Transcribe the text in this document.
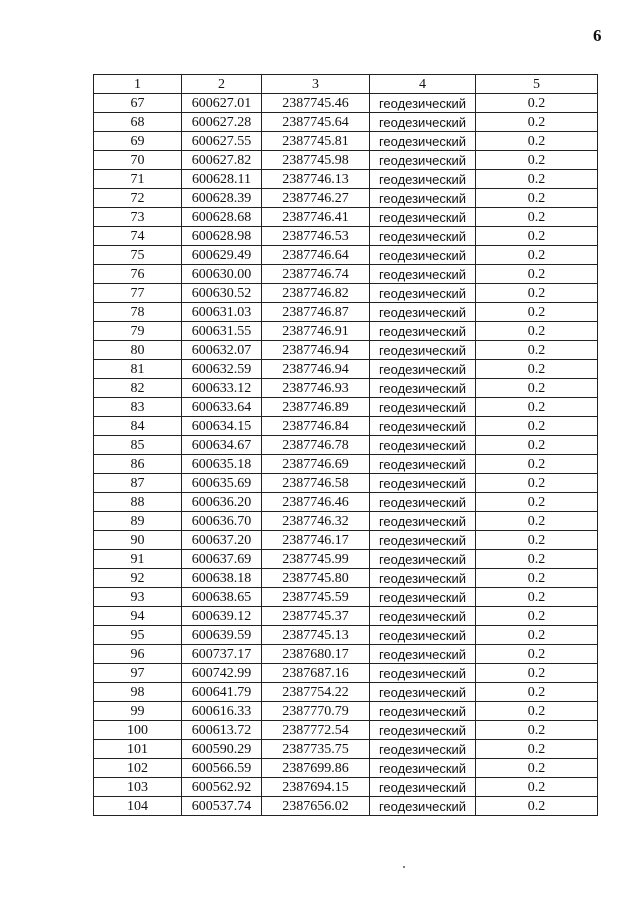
6
1	2	3	4	5
67	600627.01	2387745.46	геодезический	0.2
68	600627.28	2387745.64	геодезический	0.2
69	600627.55	2387745.81	геодезический	0.2
70	600627.82	2387745.98	геодезический	0.2
71	600628.11	2387746.13	геодезический	0.2
72	600628.39	2387746.27	геодезический	0.2
73	600628.68	2387746.41	геодезический	0.2
74	600628.98	2387746.53	геодезический	0.2
75	600629.49	2387746.64	геодезический	0.2
76	600630.00	2387746.74	геодезический	0.2
77	600630.52	2387746.82	геодезический	0.2
78	600631.03	2387746.87	геодезический	0.2
79	600631.55	2387746.91	геодезический	0.2
80	600632.07	2387746.94	геодезический	0.2
81	600632.59	2387746.94	геодезический	0.2
82	600633.12	2387746.93	геодезический	0.2
83	600633.64	2387746.89	геодезический	0.2
84	600634.15	2387746.84	геодезический	0.2
85	600634.67	2387746.78	геодезический	0.2
86	600635.18	2387746.69	геодезический	0.2
87	600635.69	2387746.58	геодезический	0.2
88	600636.20	2387746.46	геодезический	0.2
89	600636.70	2387746.32	геодезический	0.2
90	600637.20	2387746.17	геодезический	0.2
91	600637.69	2387745.99	геодезический	0.2
92	600638.18	2387745.80	геодезический	0.2
93	600638.65	2387745.59	геодезический	0.2
94	600639.12	2387745.37	геодезический	0.2
95	600639.59	2387745.13	геодезический	0.2
96	600737.17	2387680.17	геодезический	0.2
97	600742.99	2387687.16	геодезический	0.2
98	600641.79	2387754.22	геодезический	0.2
99	600616.33	2387770.79	геодезический	0.2
100	600613.72	2387772.54	геодезический	0.2
101	600590.29	2387735.75	геодезический	0.2
102	600566.59	2387699.86	геодезический	0.2
103	600562.92	2387694.15	геодезический	0.2
104	600537.74	2387656.02	геодезический	0.2
